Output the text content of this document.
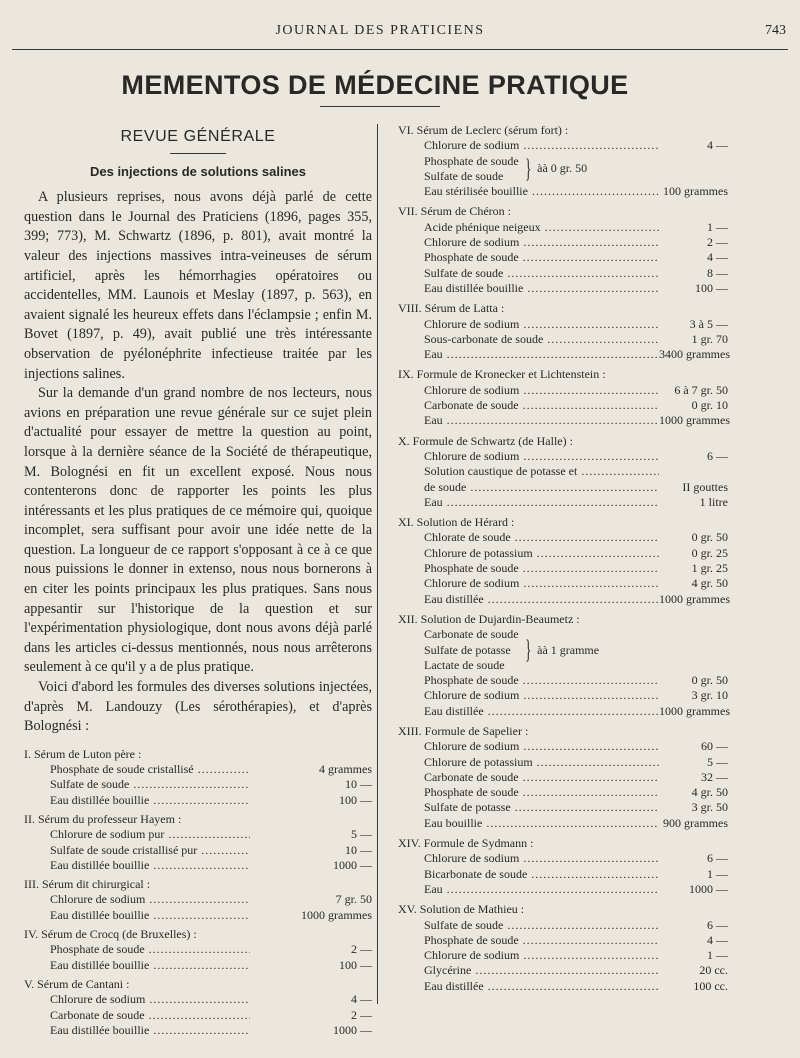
JOURNAL DES PRATICIENS	743
MEMENTOS DE MÉDECINE PRATIQUE
REVUE GÉNÉRALE
Des injections de solutions salines

A plusieurs reprises, nous avons déjà parlé de cette question dans le Journal des Praticiens (1896, pages 355, 399; 773), M. Schwartz (1896, p. 801), avait montré la valeur des injections massives intra-veineuses de sérum artificiel, après les hémorrhagies opératoires ou accidentelles, MM. Launois et Meslay (1897, p. 563), en avaient signalé les heureux effets dans l'éclampsie ; enfin M. Bovet (1897, p. 49), avait publié une très intéressante observation de pyélonéphrite infectieuse traitée par les injections salines.

Sur la demande d'un grand nombre de nos lecteurs, nous avions en préparation une revue générale sur ce sujet plein d'actualité pour essayer de mettre la question au point, lorsque à la dernière séance de la Société de thérapeutique, M. Bolognési en fit un excellent exposé. Nous nous contenterons donc de rapporter les points les plus intéressants et les plus pratiques de ce mémoire qui, quoique incomplet, sera suffisant pour avoir une idée nette de la question. La longueur de ce rapport s'opposant à ce à ce que nous puissions le donner in extenso, nous nous bornerons à en citer les points principaux les plus pratiques. Sans nous appesantir sur l'historique de la question et sur l'expérimentation physiologique, dont nous avons déjà parlé dans les articles ci-dessus mentionnés, nous nous arrêterons seulement à ce qu'il y a de plus pratique.

Voici d'abord les formules des diverses solutions injectées, d'après M. Landouzy (Les sérothérapies), et d'après Bolognési :

I. Sérum de Luton père :
Phosphate de soude cristallisé .....	4 grammes
Sulfate de soude .....	10 —
Eau distillée bouillie .....	100 —
II. Sérum du professeur Hayem :
Chlorure de sodium pur .....	5 —
Sulfate de soude cristallisé pur .....	10 —
Eau distillée bouillie .....	1000 —
III. Sérum dit chirurgical :
Chlorure de sodium .....	7 gr. 50
Eau distillée bouillie .....	1000 grammes
IV. Sérum de Crocq (de Bruxelles) :
Phosphate de soude .....	2 —
Eau distillée bouillie .....	100 —
V. Sérum de Cantani :
Chlorure de sodium .....	4 —
Carbonate de soude .....	2 —
Eau distillée bouillie .....	1000 —
VI. Sérum de Leclerc (sérum fort) :
Chlorure de sodium .....	4 —
Phosphate de soude
Sulfate de soude } àà 0 gr. 50
Eau stérilisée bouillie .....	100 grammes
VII. Sérum de Chéron :
Acide phénique neigeux .....	1 —
Chlorure de sodium .....	2 —
Phosphate de soude .....	4 —
Sulfate de soude .....	8 —
Eau distillée bouillie .....	100 —
VIII. Sérum de Latta :
Chlorure de sodium .....	3 à 5 —
Sous-carbonate de soude .....	1 gr. 70
Eau .....	3400 grammes
IX. Formule de Kronecker et Lichtenstein :
Chlorure de sodium .....	6 à 7 gr. 50
Carbonate de soude .....	0 gr. 10
Eau .....	1000 grammes
X. Formule de Schwartz (de Halle) :
Chlorure de sodium .....	6 —
Solution caustique de potasse et .....
de soude .....	II gouttes
Eau .....	1 litre
XI. Solution de Hérard :
Chlorate de soude .....	0 gr. 50
Chlorure de potassium .....	0 gr. 25
Phosphate de soude .....	1 gr. 25
Chlorure de sodium .....	4 gr. 50
Eau distillée .....	1000 grammes
XII. Solution de Dujardin-Beaumetz :
Carbonate de soude
Sulfate de potasse
Lactate de soude
} àà 1 gramme
Phosphate de soude .....	0 gr. 50
Chlorure de sodium .....	3 gr. 10
Eau distillée .....	1000 grammes
XIII. Formule de Sapelier :
Chlorure de sodium .....	60 —
Chlorure de potassium .....	5 —
Carbonate de soude .....	32 —
Phosphate de soude .....	4 gr. 50
Sulfate de potasse .....	3 gr. 50
Eau bouillie .....	900 grammes
XIV. Formule de Sydmann :
Chlorure de sodium .....	6 —
Bicarbonate de soude .....	1 —
Eau .....	1000 —
XV. Solution de Mathieu :
Sulfate de soude .....	6 —
Phosphate de soude .....	4 —
Chlorure de sodium .....	1 —
Glycérine .....	20 cc.
Eau distillée .....	100 cc.
